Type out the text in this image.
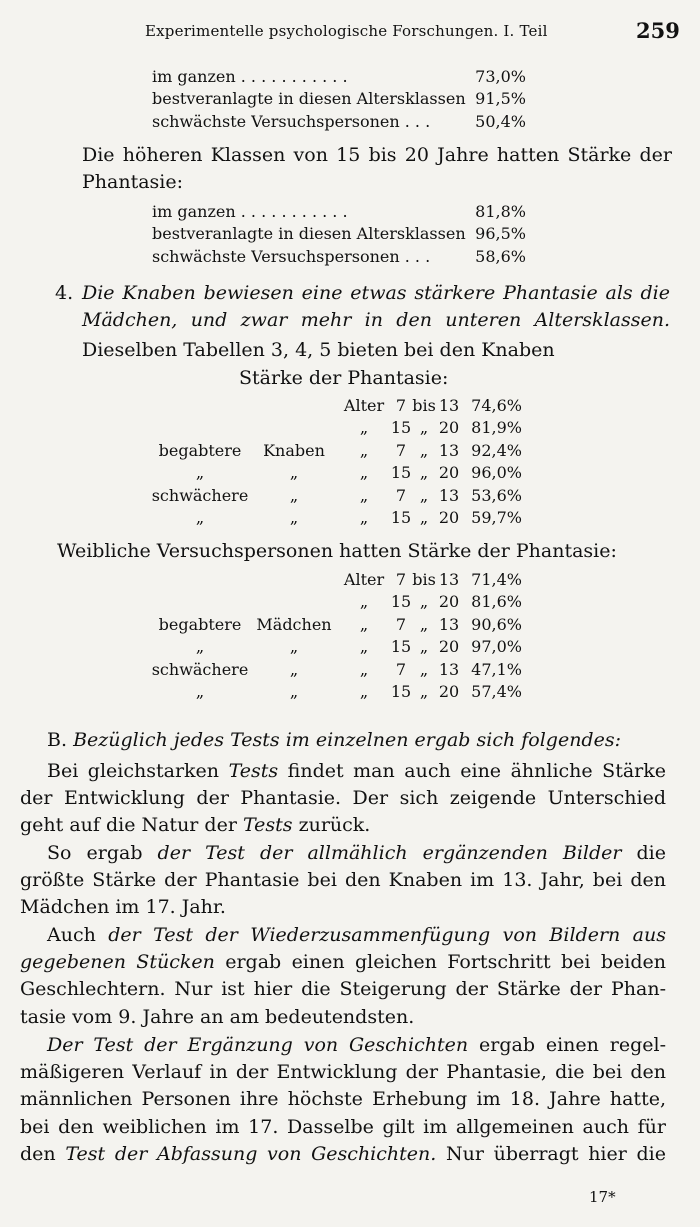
Experimentelle psychologische Forschungen. I. Teil	259
im ganzen . . . . . . . . . . .	73,0%
bestveranlagte in diesen Altersklassen	91,5%
schwächste Versuchspersonen . . .	50,4%
Die höheren Klassen von 15 bis 20 Jahre hatten Stärke der
Phantasie:
im ganzen . . . . . . . . . . .	81,8%
bestveranlagte in diesen Altersklassen	96,5%
schwächste Versuchspersonen . . .	58,6%
4. Die Knaben bewiesen eine etwas stärkere Phantasie als die
Mädchen, und zwar mehr in den unteren Altersklassen.
Dieselben Tabellen 3, 4, 5 bieten bei den Knaben
Stärke der Phantasie:
		Alter	7	bis	13	74,6%
		„	15	„	20	81,9%
begabtere	Knaben	„	7	„	13	92,4%
„	„	„	15	„	20	96,0%
schwächere	„	„	7	„	13	53,6%
„	„	„	15	„	20	59,7%
Weibliche Versuchspersonen hatten Stärke der Phantasie:
		Alter	7	bis	13	71,4%
		„	15	„	20	81,6%
begabtere	Mädchen	„	7	„	13	90,6%
„	„	„	15	„	20	97,0%
schwächere	„	„	7	„	13	47,1%
„	„	„	15	„	20	57,4%
B. Bezüglich jedes Tests im einzelnen ergab sich folgendes:
Bei gleichstarken Tests findet man auch eine ähnliche Stärke
der Entwicklung der Phantasie. Der sich zeigende Unterschied
geht auf die Natur der Tests zurück.
So ergab der Test der allmählich ergänzenden Bilder die
größte Stärke der Phantasie bei den Knaben im 13. Jahr, bei den
Mädchen im 17. Jahr.
Auch der Test der Wiederzusammenfügung von Bildern aus
gegebenen Stücken ergab einen gleichen Fortschritt bei beiden
Geschlechtern. Nur ist hier die Steigerung der Stärke der Phan-
tasie vom 9. Jahre an am bedeutendsten.
Der Test der Ergänzung von Geschichten ergab einen regel-
mäßigeren Verlauf in der Entwicklung der Phantasie, die bei den
männlichen Personen ihre höchste Erhebung im 18. Jahre hatte,
bei den weiblichen im 17. Dasselbe gilt im allgemeinen auch für
den Test der Abfassung von Geschichten. Nur überragt hier die
17*
